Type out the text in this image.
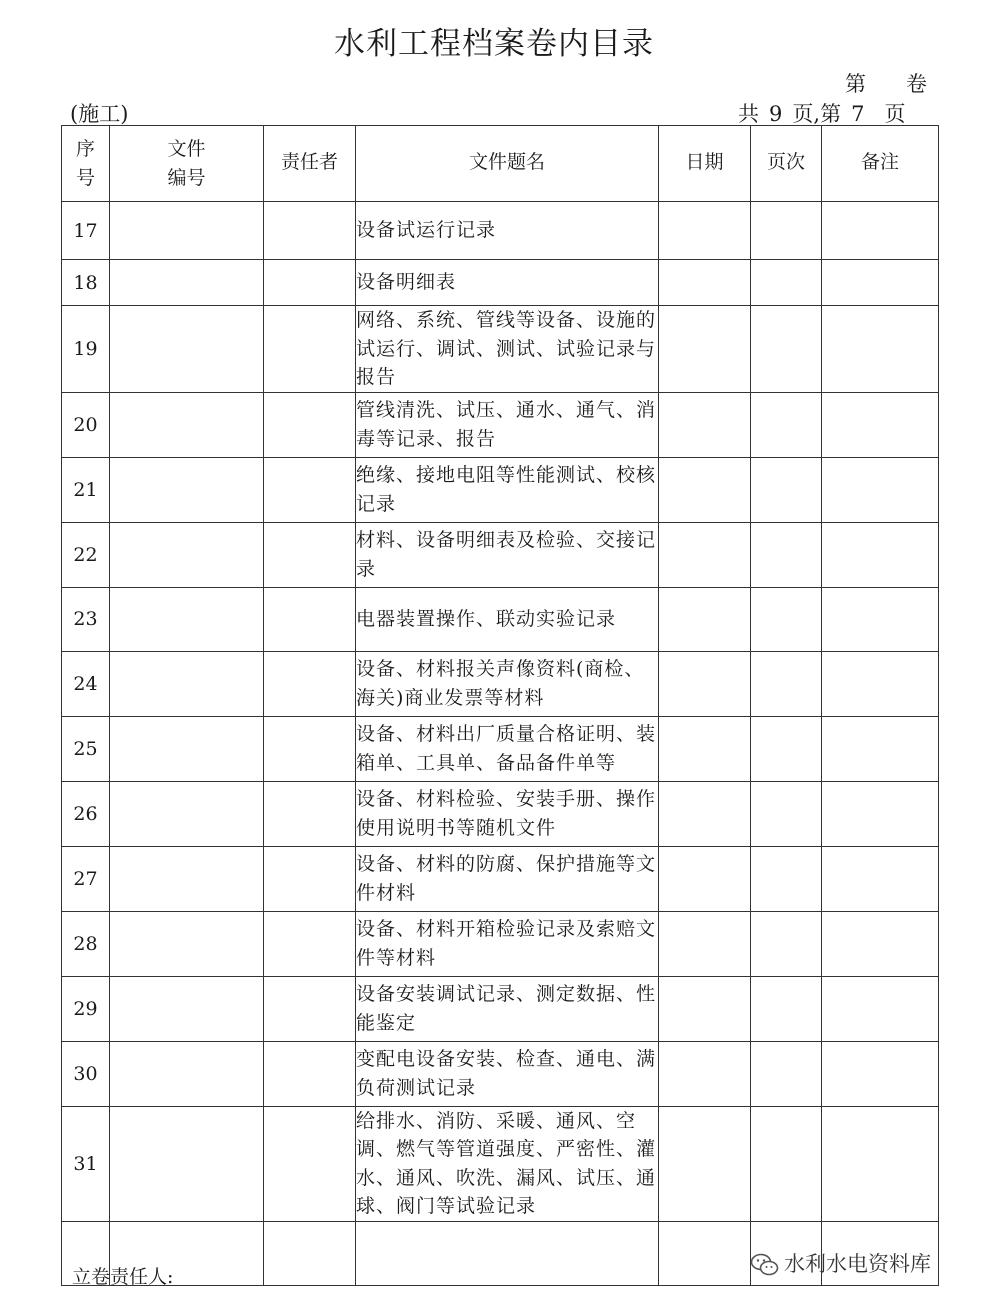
水利工程档案卷内目录
第 卷
(施工)	共 9 页,第 7 页
序号	文件编号	责任者	文件题名	日期	页次	备注
17			设备试运行记录			
18			设备明细表			
19			网络、系统、管线等设备、设施的试运行、调试、测试、试验记录与报告			
20			管线清洗、试压、通水、通气、消毒等记录、报告			
21			绝缘、接地电阻等性能测试、校核记录			
22			材料、设备明细表及检验、交接记录			
23			电器装置操作、联动实验记录			
24			设备、材料报关声像资料(商检、海关)商业发票等材料			
25			设备、材料出厂质量合格证明、装箱单、工具单、备品备件单等			
26			设备、材料检验、安装手册、操作使用说明书等随机文件			
27			设备、材料的防腐、保护措施等文件材料			
28			设备、材料开箱检验记录及索赔文件等材料			
29			设备安装调试记录、测定数据、性能鉴定			
30			变配电设备安装、检查、通电、满负荷测试记录			
31			给排水、消防、采暖、通风、空调、燃气等管道强度、严密性、灌水、通风、吹洗、漏风、试压、通球、阀门等试验记录			

立卷责任人:
水利水电资料库
